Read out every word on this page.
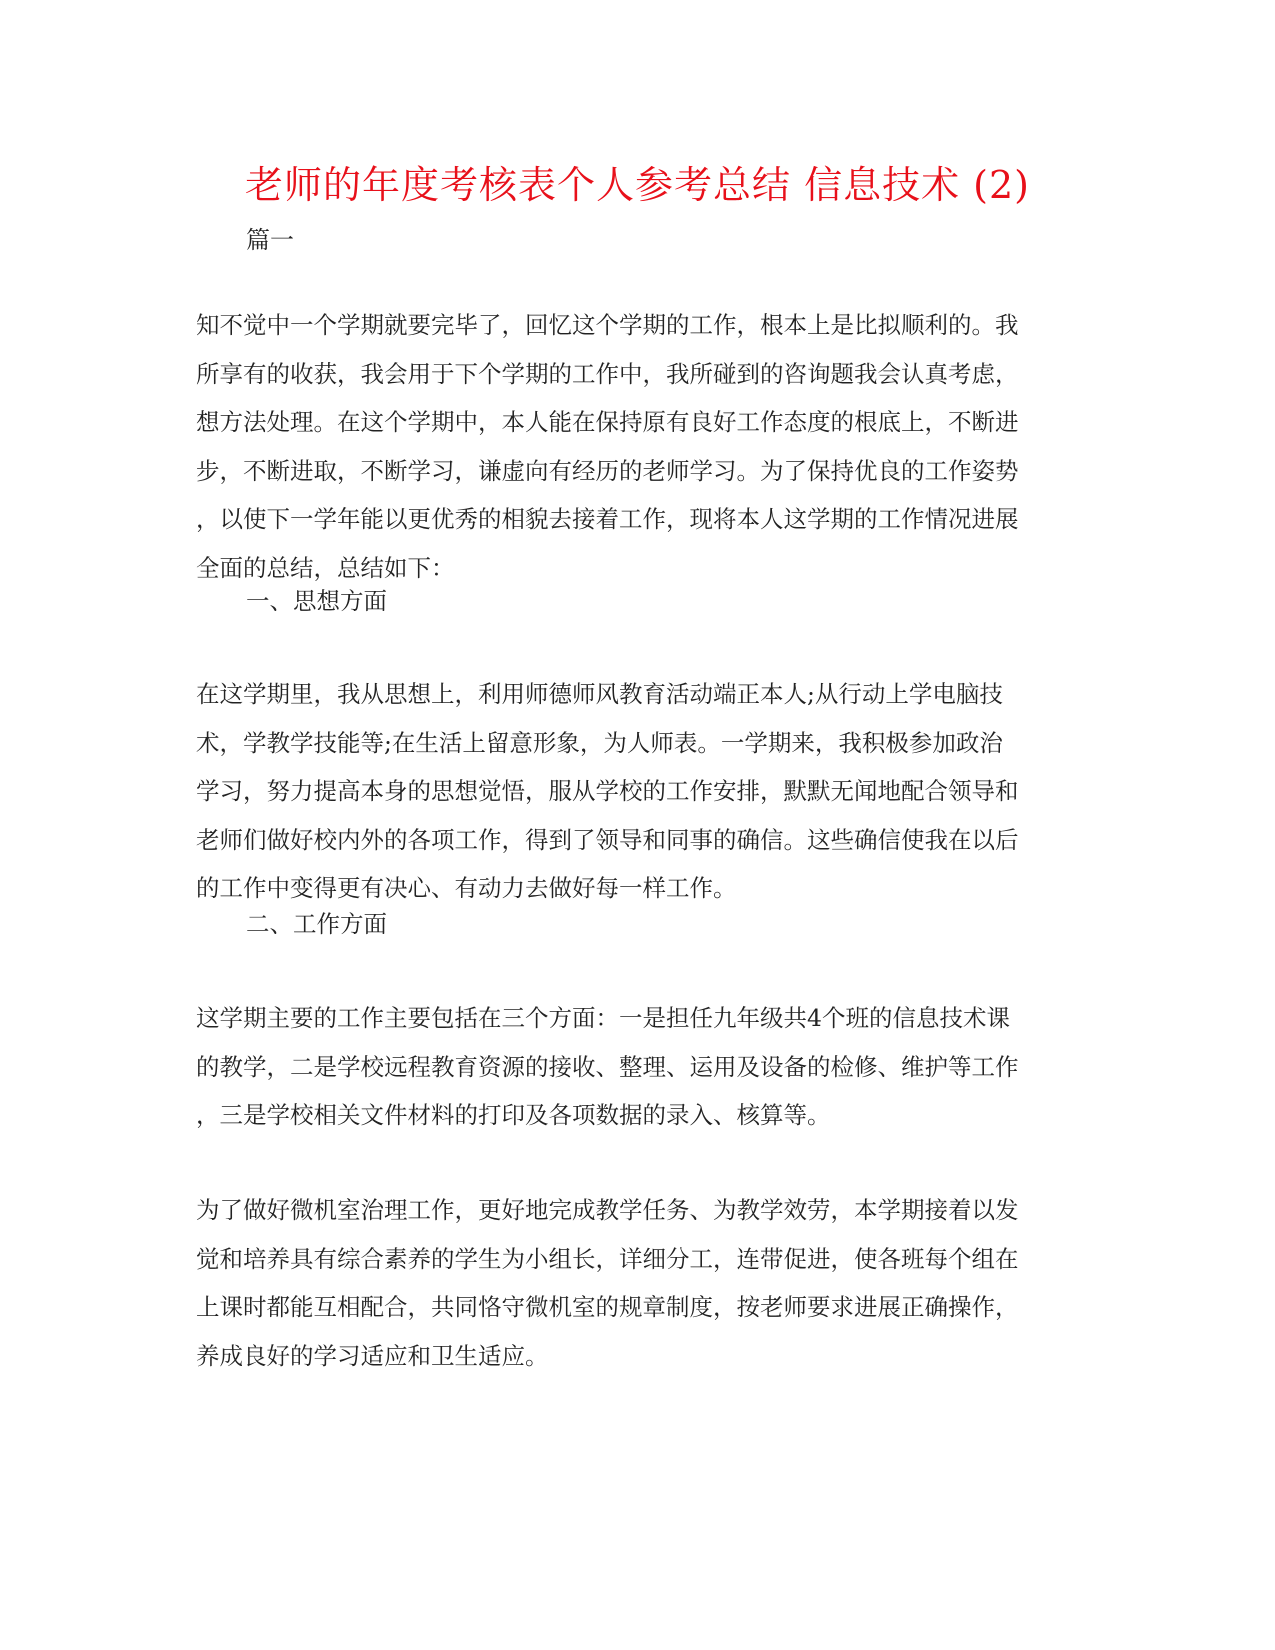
老师的年度考核表个人参考总结 信息技术 (2)
篇一
知不觉中一个学期就要完毕了，回忆这个学期的工作，根本上是比拟顺利的。我
所享有的收获，我会用于下个学期的工作中，我所碰到的咨询题我会认真考虑，
想方法处理。在这个学期中，本人能在保持原有良好工作态度的根底上，不断进
步，不断进取，不断学习，谦虚向有经历的老师学习。为了保持优良的工作姿势
，以使下一学年能以更优秀的相貌去接着工作，现将本人这学期的工作情况进展
全面的总结，总结如下：
一、思想方面
在这学期里，我从思想上，利用师德师风教育活动端正本人;从行动上学电脑技
术，学教学技能等;在生活上留意形象，为人师表。一学期来，我积极参加政治
学习，努力提高本身的思想觉悟，服从学校的工作安排，默默无闻地配合领导和
老师们做好校内外的各项工作，得到了领导和同事的确信。这些确信使我在以后
的工作中变得更有决心、有动力去做好每一样工作。
二、工作方面
这学期主要的工作主要包括在三个方面：一是担任九年级共4个班的信息技术课
的教学，二是学校远程教育资源的接收、整理、运用及设备的检修、维护等工作
，三是学校相关文件材料的打印及各项数据的录入、核算等。
为了做好微机室治理工作，更好地完成教学任务、为教学效劳，本学期接着以发
觉和培养具有综合素养的学生为小组长，详细分工，连带促进，使各班每个组在
上课时都能互相配合，共同恪守微机室的规章制度，按老师要求进展正确操作，
养成良好的学习适应和卫生适应。
